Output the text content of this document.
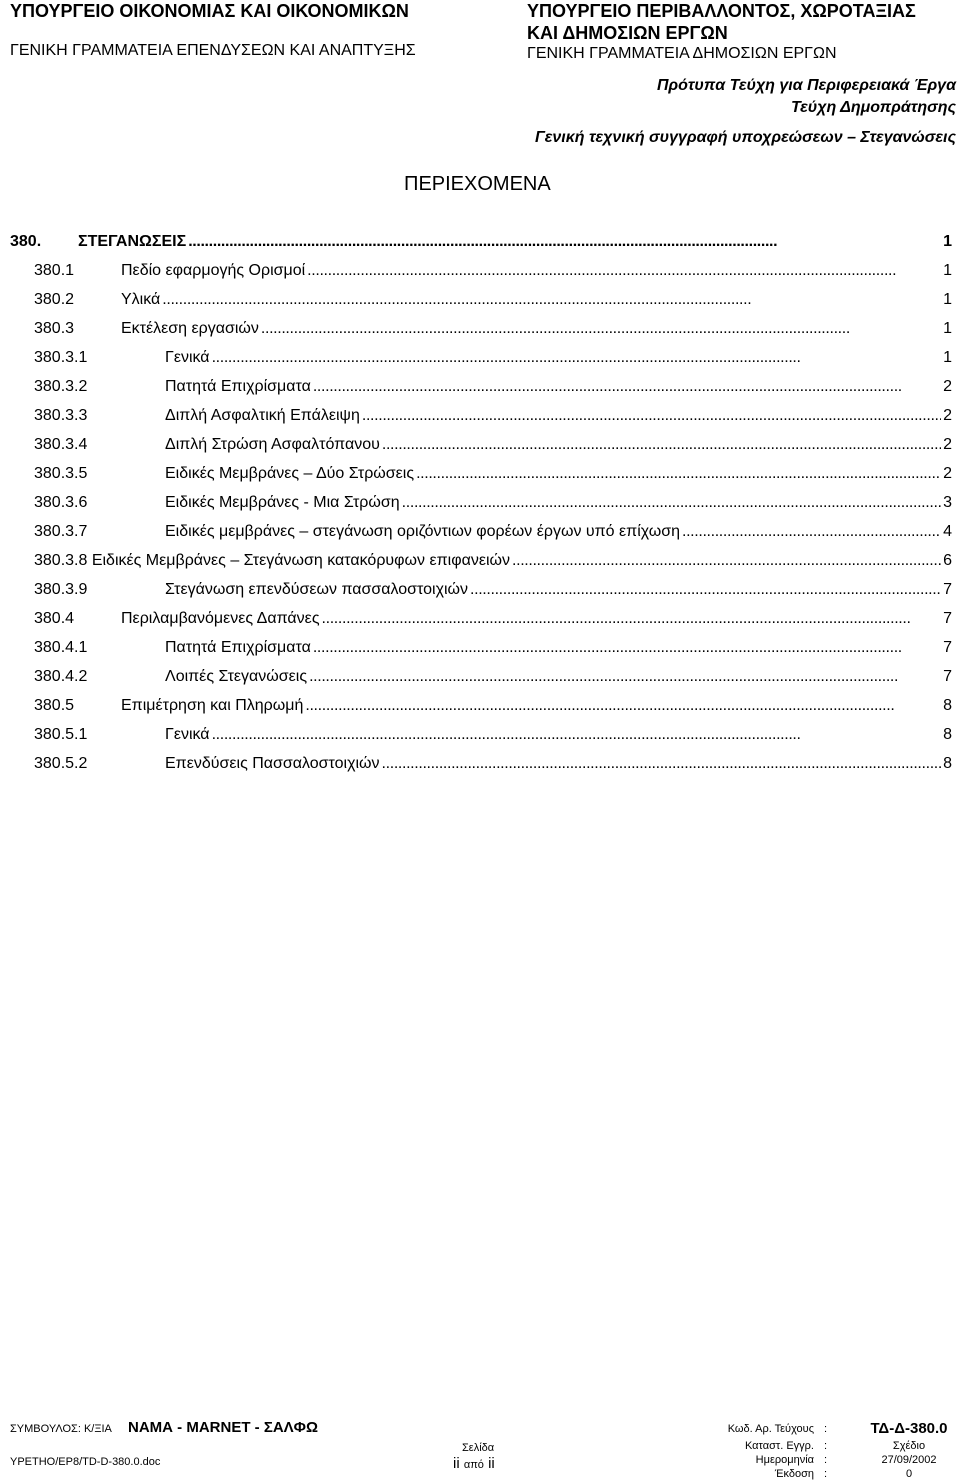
ΥΠΟΥΡΓΕΙΟ ΟΙΚΟΝΟΜΙΑΣ ΚΑΙ ΟΙΚΟΝΟΜΙΚΩΝ
ΓΕΝΙΚΗ ΓΡΑΜΜΑΤΕΙΑ ΕΠΕΝΔΥΣΕΩΝ ΚΑΙ ΑΝΑΠΤΥΞΗΣ
ΥΠΟΥΡΓΕΙΟ ΠΕΡΙΒΑΛΛΟΝΤΟΣ, ΧΩΡΟΤΑΞΙΑΣ
ΚΑΙ ΔΗΜΟΣΙΩΝ ΕΡΓΩΝ
ΓΕΝΙΚΗ ΓΡΑΜΜΑΤΕΙΑ ΔΗΜΟΣΙΩΝ ΕΡΓΩΝ
Πρότυπα Τεύχη για Περιφερειακά Έργα
Τεύχη Δημοπράτησης
Γενική τεχνική συγγραφή υποχρεώσεων – Στεγανώσεις
ΠΕΡΙΕΧΟΜΕΝΑ
380. ΣΤΕΓΑΝΩΣΕΙΣ . . .	1
380.1	Πεδίο εφαρμογής Ορισμοί . . .	1
380.2	Υλικά . . .	1
380.3	Εκτέλεση εργασιών . . .	1
380.3.1	Γενικά . . .	1
380.3.2	Πατητά Επιχρίσματα . . .	2
380.3.3	Διπλή Ασφαλτική Επάλειψη . . .	2
380.3.4	Διπλή Στρώση Ασφαλτόπανου . . .	2
380.3.5	Ειδικές Μεμβράνες – Δύο Στρώσεις . . .	2
380.3.6	Ειδικές Μεμβράνες - Μια Στρώση . . .	3
380.3.7	Ειδικές μεμβράνες – στεγάνωση οριζόντιων φορέων έργων υπό επίχωση . . .	4
380.3.8 Ειδικές Μεμβράνες – Στεγάνωση κατακόρυφων επιφανειών . . .	6
380.3.9	Στεγάνωση επενδύσεων πασσαλοστοιχιών . . .	7
380.4	Περιλαμβανόμενες Δαπάνες . . .	7
380.4.1	Πατητά Επιχρίσματα . . .	7
380.4.2	Λοιπές Στεγανώσεις . . .	7
380.5	Επιμέτρηση και Πληρωμή . . .	8
380.5.1	Γενικά . . .	8
380.5.2	Επενδύσεις Πασσαλοστοιχιών . . .	8
ΣΥΜΒΟΥΛΟΣ: Κ/ΞΙΑ ΝΑΜΑ - MARNET - ΣΑΛΦΩ
ΥΡΕΤΗΟ/ΕΡ8/ΤD-D-380.0.doc
Σελίδα
ii από ii
Κωδ. Αρ. Τεύχους :	ΤΔ-Δ-380.0
Καταστ. Εγγρ. :	Σχέδιο
Ημερομηνία :	27/09/2002
Έκδοση :	0
